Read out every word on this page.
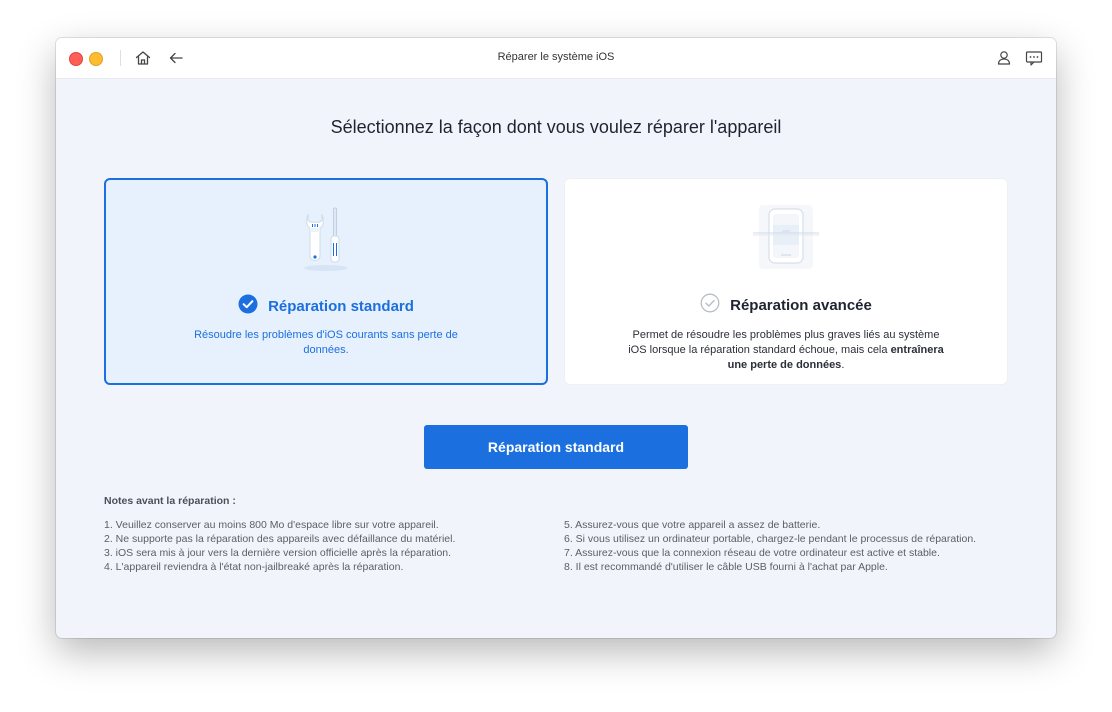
Réparer le système iOS
Sélectionnez la façon dont vous voulez réparer l'appareil
Réparation standard
Résoudre les problèmes d'iOS courants sans perte de données.
Réparation avancée
Permet de résoudre les problèmes plus graves liés au système iOS lorsque la réparation standard échoue, mais cela entraînera une perte de données.
Réparation standard
Notes avant la réparation :
1. Veuillez conserver au moins 800 Mo d'espace libre sur votre appareil.
2. Ne supporte pas la réparation des appareils avec défaillance du matériel.
3. iOS sera mis à jour vers la dernière version officielle après la réparation.
4. L'appareil reviendra à l'état non-jailbreaké après la réparation.
5. Assurez-vous que votre appareil a assez de batterie.
6. Si vous utilisez un ordinateur portable, chargez-le pendant le processus de réparation.
7. Assurez-vous que la connexion réseau de votre ordinateur est active et stable.
8. Il est recommandé d'utiliser le câble USB fourni à l'achat par Apple.
